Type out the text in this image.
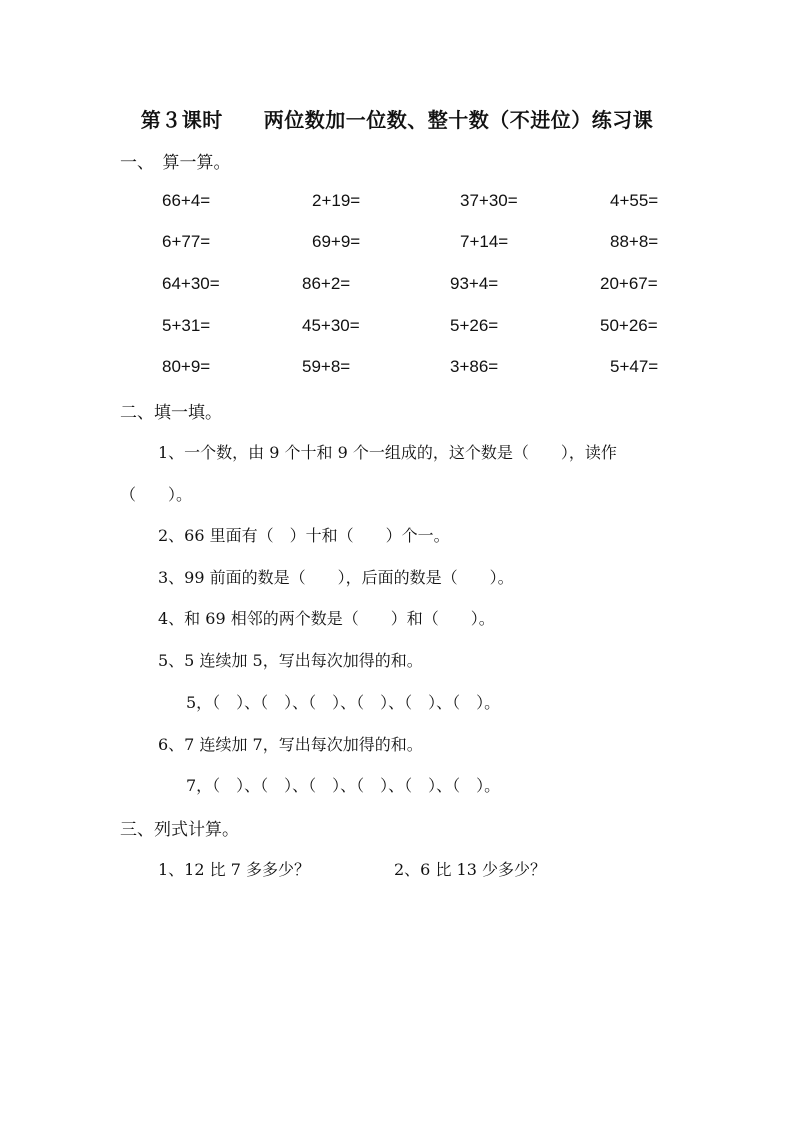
第３课时　　两位数加一位数、整十数（不进位）练习课
一、　算一算。
66+4=	2+19=	37+30=	4+55=
6+77=	69+9=	7+14=	88+8=
64+30=	86+2=	93+4=	20+67=
5+31=	45+30=	5+26=	50+26=
80+9=	59+8=	3+86=	5+47=
二、填一填。
1、一个数，由 9 个十和 9 个一组成的，这个数是（　　），读作
（　　）。
2、66 里面有（　）十和（　　）个一。
3、99 前面的数是（　　），后面的数是（　　）。
4、和 69 相邻的两个数是（　　）和（　　）。
5、5 连续加 5，写出每次加得的和。
5，（　）、（　）、（　）、（　）、（　）、（　）。
6、7 连续加 7，写出每次加得的和。
7，（　）、（　）、（　）、（　）、（　）、（　）。
三、列式计算。
1、12 比 7 多多少？	2、6 比 13 少多少？
